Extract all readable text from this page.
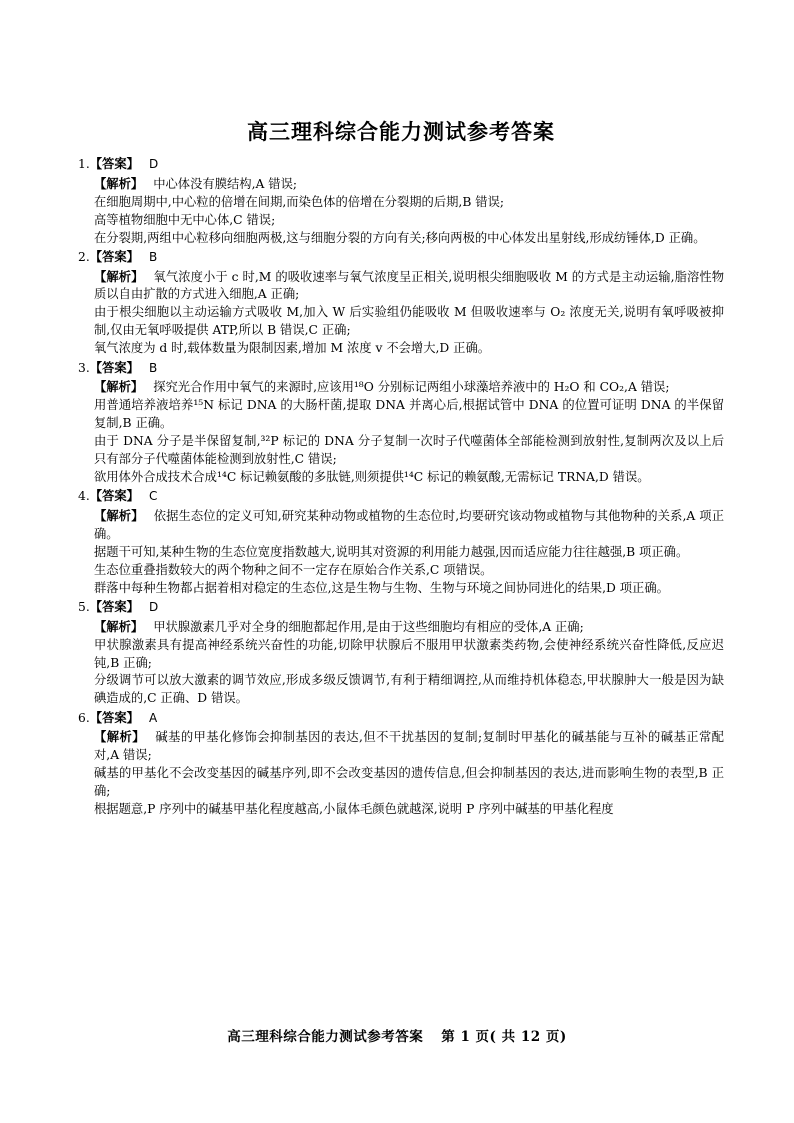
高三理科综合能力测试参考答案
1.【答案】 D

【解析】 中心体没有膜结构,A 错误;

在细胞周期中,中心粒的倍增在间期,而染色体的倍增在分裂期的后期,B 错误;

高等植物细胞中无中心体,C 错误;

在分裂期,两组中心粒移向细胞两极,这与细胞分裂的方向有关;移向两极的中心体发出星射线,形成纺锤体,D 正确。

2.【答案】 B

【解析】 氧气浓度小于 c 时,M 的吸收速率与氧气浓度呈正相关,说明根尖细胞吸收 M 的方式是主动运输,脂溶性物质以自由扩散的方式进入细胞,A 正确;

由于根尖细胞以主动运输方式吸收 M,加入 W 后实验组仍能吸收 M 但吸收速率与 O₂ 浓度无关,说明有氧呼吸被抑制,仅由无氧呼吸提供 ATP,所以 B 错误,C 正确;

氧气浓度为 d 时,载体数量为限制因素,增加 M 浓度 v 不会增大,D 正确。

3.【答案】 B

【解析】 探究光合作用中氧气的来源时,应该用¹⁸O 分别标记两组小球藻培养液中的 H₂O 和 CO₂,A 错误;

用普通培养液培养¹⁵N 标记 DNA 的大肠杆菌,提取 DNA 并离心后,根据试管中 DNA 的位置可证明 DNA 的半保留复制,B 正确。

由于 DNA 分子是半保留复制,³²P 标记的 DNA 分子复制一次时子代噬菌体全部能检测到放射性,复制两次及以上后只有部分子代噬菌体能检测到放射性,C 错误;

欲用体外合成技术合成¹⁴C 标记赖氨酸的多肽链,则须提供¹⁴C 标记的赖氨酸,无需标记 TRNA,D 错误。

4.【答案】 C

【解析】 依据生态位的定义可知,研究某种动物或植物的生态位时,均要研究该动物或植物与其他物种的关系,A 项正确。

据题干可知,某种生物的生态位宽度指数越大,说明其对资源的利用能力越强,因而适应能力往往越强,B 项正确。

生态位重叠指数较大的两个物种之间不一定存在原始合作关系,C 项错误。

群落中每种生物都占据着相对稳定的生态位,这是生物与生物、生物与环境之间协同进化的结果,D 项正确。

5.【答案】 D

【解析】 甲状腺激素几乎对全身的细胞都起作用,是由于这些细胞均有相应的受体,A 正确;

甲状腺激素具有提高神经系统兴奋性的功能,切除甲状腺后不服用甲状激素类药物,会使神经系统兴奋性降低,反应迟钝,B 正确;

分级调节可以放大激素的调节效应,形成多级反馈调节,有利于精细调控,从而维持机体稳态,甲状腺肿大一般是因为缺碘造成的,C 正确、D 错误。

6.【答案】 A

【解析】 碱基的甲基化修饰会抑制基因的表达,但不干扰基因的复制;复制时甲基化的碱基能与互补的碱基正常配对,A 错误;

碱基的甲基化不会改变基因的碱基序列,即不会改变基因的遗传信息,但会抑制基因的表达,进而影响生物的表型,B 正确;

根据题意,P 序列中的碱基甲基化程度越高,小鼠体毛颜色就越深,说明 P 序列中碱基的甲基化程度

高三理科综合能力测试参考答案 第 1 页( 共 12 页)
